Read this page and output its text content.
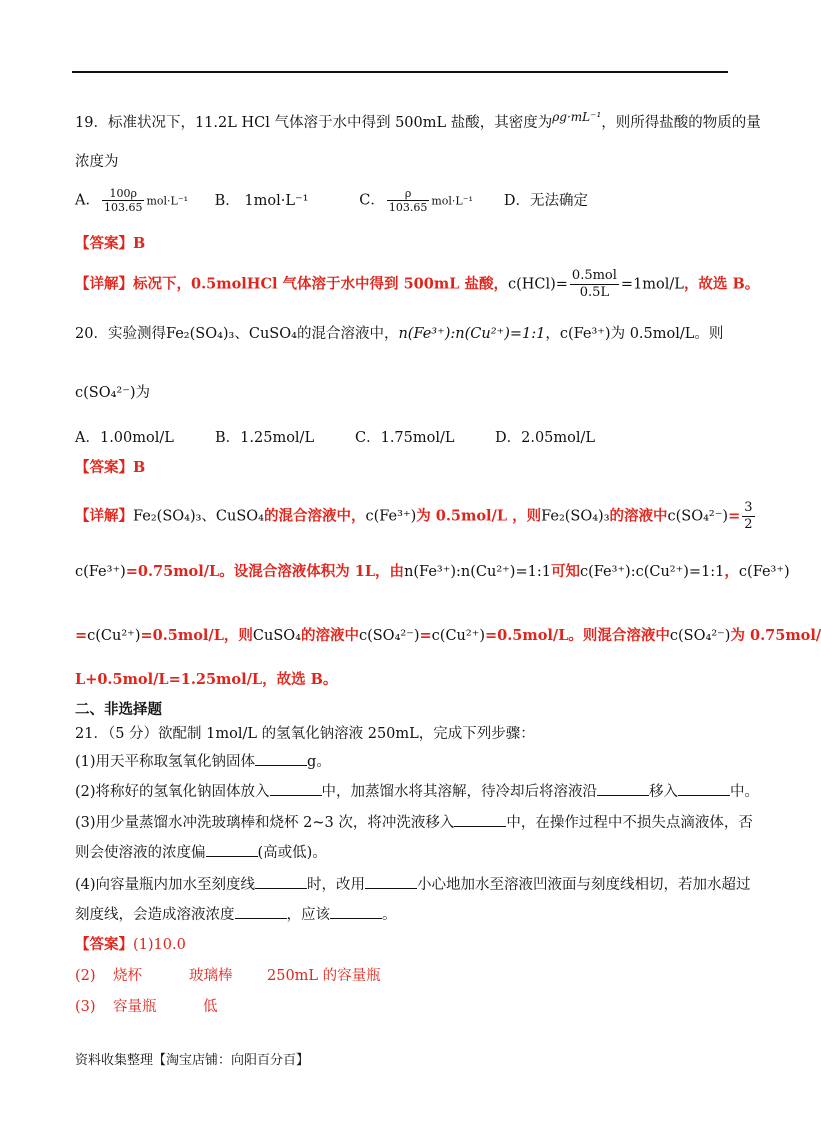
19．标准状况下，11.2L HCl 气体溶于水中得到 500mL 盐酸，其密度为$^{\rho g\cdot mL^{-1}}$，则所得盐酸的物质的量
浓度为
A． $\frac{100\rho}{103.65} mol\cdot L^{-1}$ B． 1mol·L⁻¹	C． $\frac{\rho}{103.65} mol\cdot L^{-1}$ D．无法确定
【答案】B
【详解】标况下，0.5molHCl 气体溶于水中得到 500mL 盐酸，$c(HCl)= \frac{\text{0.5mol}}{0.5L} =1mol/L$，故选 B。
20．实验测得Fe₂(SO₄)₃、CuSO₄的混合溶液中，n(Fe³⁺):n(Cu²⁺)=1:1，c(Fe³⁺)为 0.5mol/L。则
c(SO₄²⁻)为
A．1.00mol/L	B．1.25mol/L	C．1.75mol/L	D．2.05mol/L
【答案】B
【详解】Fe₂(SO₄)₃、CuSO₄的混合溶液中，c(Fe³⁺)为 0.5mol/L ，则Fe₂(SO₄)₃的溶液中$c(SO_4^{2-})= \frac{3}{2}$
c(Fe³⁺)=0.75mol/L。设混合溶液体积为 1L，由n(Fe³⁺):n(Cu²⁺)=1:1可知c(Fe³⁺):c(Cu²⁺)=1:1，c(Fe³⁺)
=c(Cu²⁺)=0.5mol/L，则CuSO₄的溶液中c(SO₄²⁻)=c(Cu²⁺)=0.5mol/L。则混合溶液中c(SO₄²⁻)为 0.75mol/
L+0.5mol/L=1.25mol/L，故选 B。
二、非选择题
21．（5 分）欲配制 1mol/L 的氢氧化钠溶液 250mL，完成下列步骤：
(1)用天平称取氢氧化钠固体	g。
(2)将称好的氢氧化钠固体放入	中，加蒸馏水将其溶解，待冷却后将溶液沿	移入	中。
(3)用少量蒸馏水冲洗玻璃棒和烧杯 2~3 次，将冲洗液移入	中，在操作过程中不损失点滴液体，否
则会使溶液的浓度偏	(高或低)。
(4)向容量瓶内加水至刻度线	时，改用	小心地加水至溶液凹液面与刻度线相切，若加水超过
刻度线，会造成溶液浓度	，应该	。
【答案】(1)10.0
(2) 烧杯	玻璃棒 250mL 的容量瓶
(3) 容量瓶	低
资料收集整理【淘宝店铺：向阳百分百】
